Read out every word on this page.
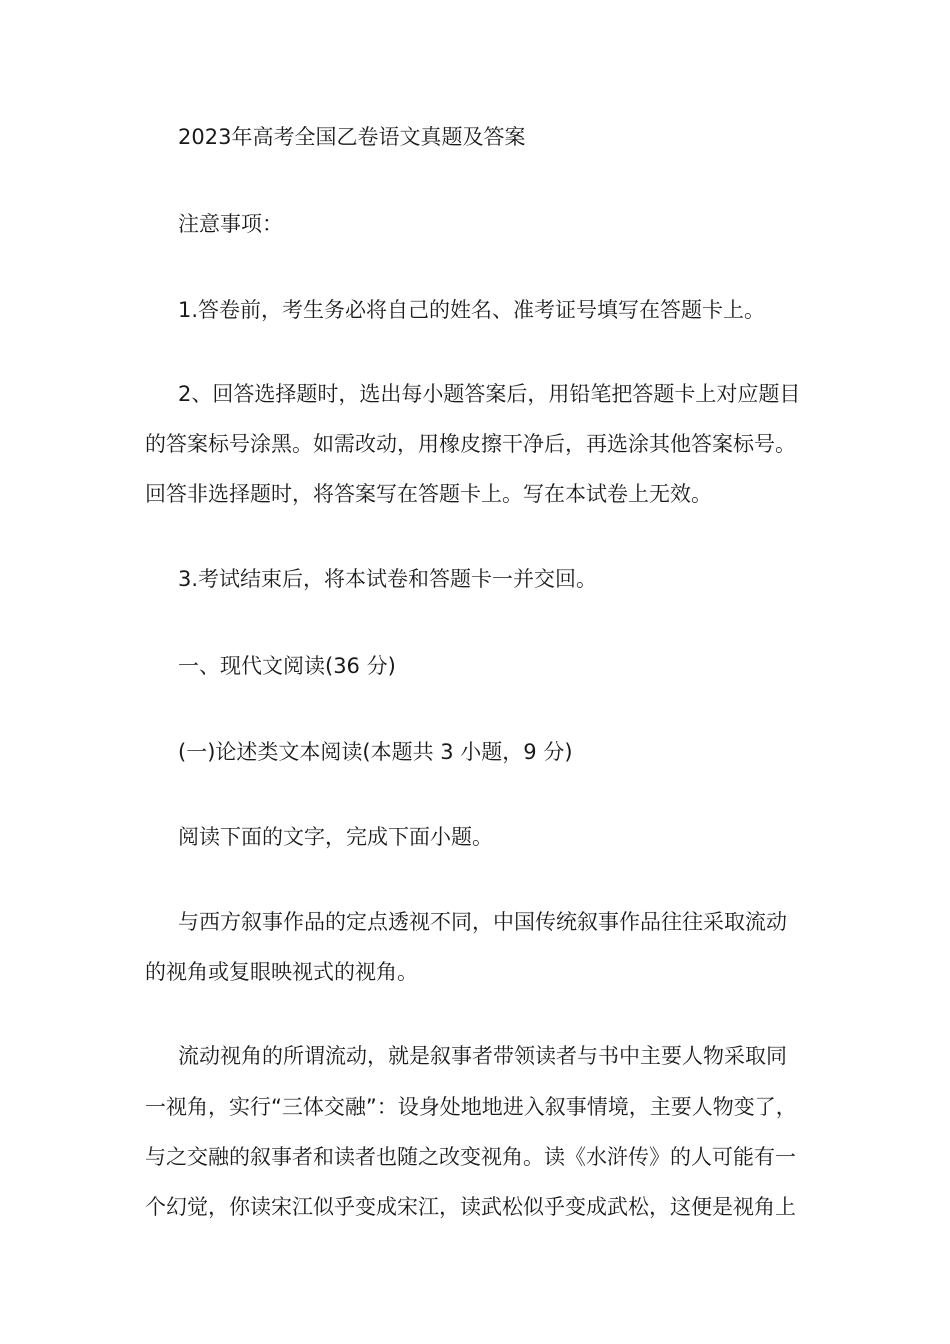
2023年高考全国乙卷语文真题及答案
注意事项：
1.答卷前，考生务必将自己的姓名、准考证号填写在答题卡上。
2、回答选择题时，选出每小题答案后，用铅笔把答题卡上对应题目
的答案标号涂黑。如需改动，用橡皮擦干净后，再选涂其他答案标号。
回答非选择题时，将答案写在答题卡上。写在本试卷上无效。
3.考试结束后，将本试卷和答题卡一并交回。
一、现代文阅读(36 分)
(一)论述类文本阅读(本题共 3 小题，9 分)
阅读下面的文字，完成下面小题。
与西方叙事作品的定点透视不同，中国传统叙事作品往往采取流动
的视角或复眼映视式的视角。
流动视角的所谓流动，就是叙事者带领读者与书中主要人物采取同
一视角，实行“三体交融”：设身处地地进入叙事情境，主要人物变了，
与之交融的叙事者和读者也随之改变视角。读《水浒传》的人可能有一
个幻觉，你读宋江似乎变成宋江，读武松似乎变成武松，这便是视角上
